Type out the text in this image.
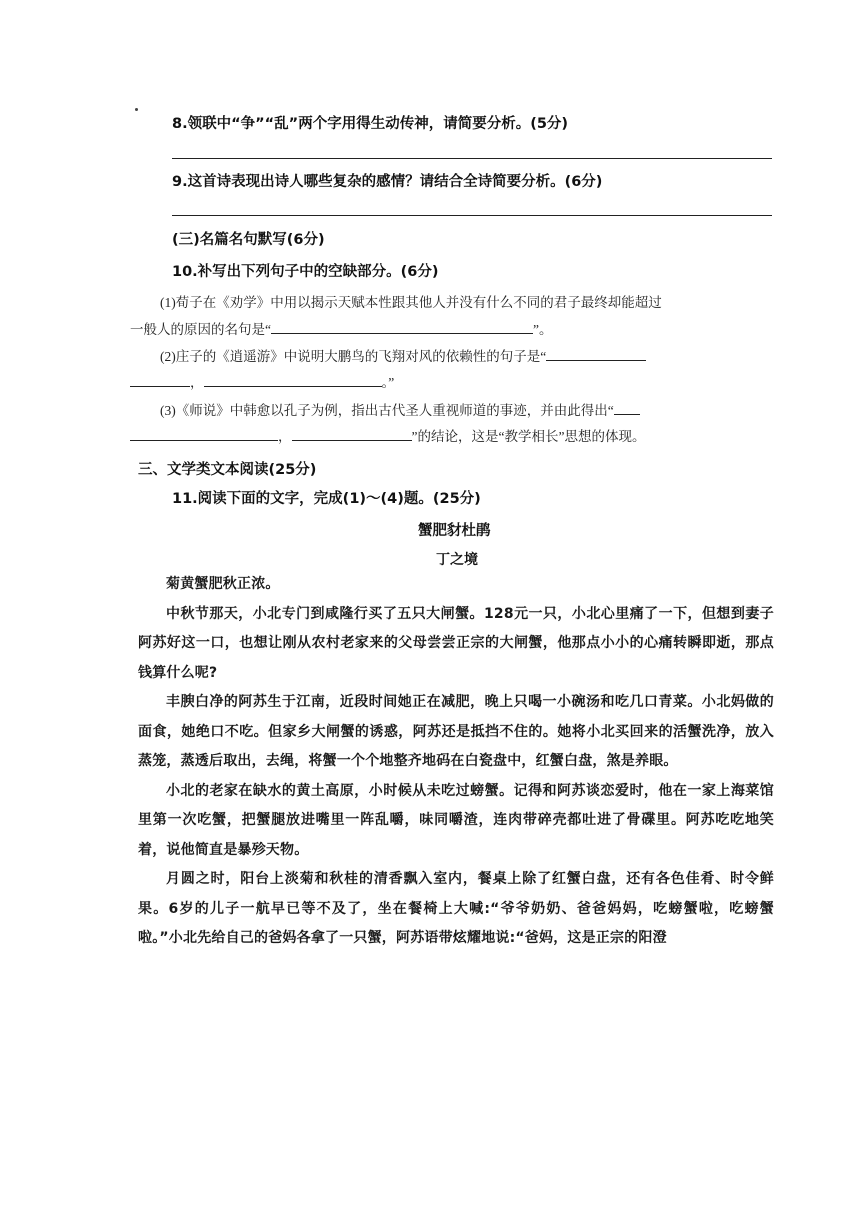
8.领联中“争”“乱”两个字用得生动传神，请简要分析。(5分)
9.这首诗表现出诗人哪些复杂的感情？请结合全诗简要分析。(6分)
(三)名篇名句默写(6分)
10.补写出下列句子中的空缺部分。(6分)
(1)荀子在《劝学》中用以揭示天赋本性跟其他人并没有什么不同的君子最终却能超过
一般人的原因的名句是“	”。
(2)庄子的《逍遥游》中说明大鹏鸟的飞翔对风的依赖性的句子是“
，	。”
(3)《师说》中韩愈以孔子为例，指出古代圣人重视师道的事迹，并由此得出“
，	”的结论，这是“教学相长”思想的体现。
三、文学类文本阅读(25分)
11.阅读下面的文字，完成(1)～(4)题。(25分)
蟹肥豺杜鹃
丁之境

菊黄蟹肥秋正浓。

中秋节那天，小北专门到咸隆行买了五只大闸蟹。128元一只，小北心里痛了一下，但想到妻子阿苏好这一口，也想让刚从农村老家来的父母尝尝正宗的大闸蟹，他那点小小的心痛转瞬即逝，那点钱算什么呢?

丰腴白净的阿苏生于江南，近段时间她正在减肥，晚上只喝一小碗汤和吃几口青菜。小北妈做的面食，她绝口不吃。但家乡大闸蟹的诱惑，阿苏还是抵挡不住的。她将小北买回来的活蟹洗净，放入蒸笼，蒸透后取出，去绳，将蟹一个个地整齐地码在白瓷盘中，红蟹白盘，煞是养眼。

小北的老家在缺水的黄土高原，小时候从未吃过螃蟹。记得和阿苏谈恋爱时，他在一家上海菜馆里第一次吃蟹，把蟹腿放进嘴里一阵乱嚼，味同嚼渣，连肉带碎壳都吐进了骨碟里。阿苏吃吃地笑着，说他简直是暴殄天物。

月圆之时，阳台上淡菊和秋桂的清香飘入室内，餐桌上除了红蟹白盘，还有各色佳肴、时令鲜果。6岁的儿子一航早已等不及了，坐在餐椅上大喊:“爷爷奶奶、爸爸妈妈，吃螃蟹啦，吃螃蟹啦。”小北先给自己的爸妈各拿了一只蟹，阿苏语带炫耀地说:“爸妈，这是正宗的阳澄
